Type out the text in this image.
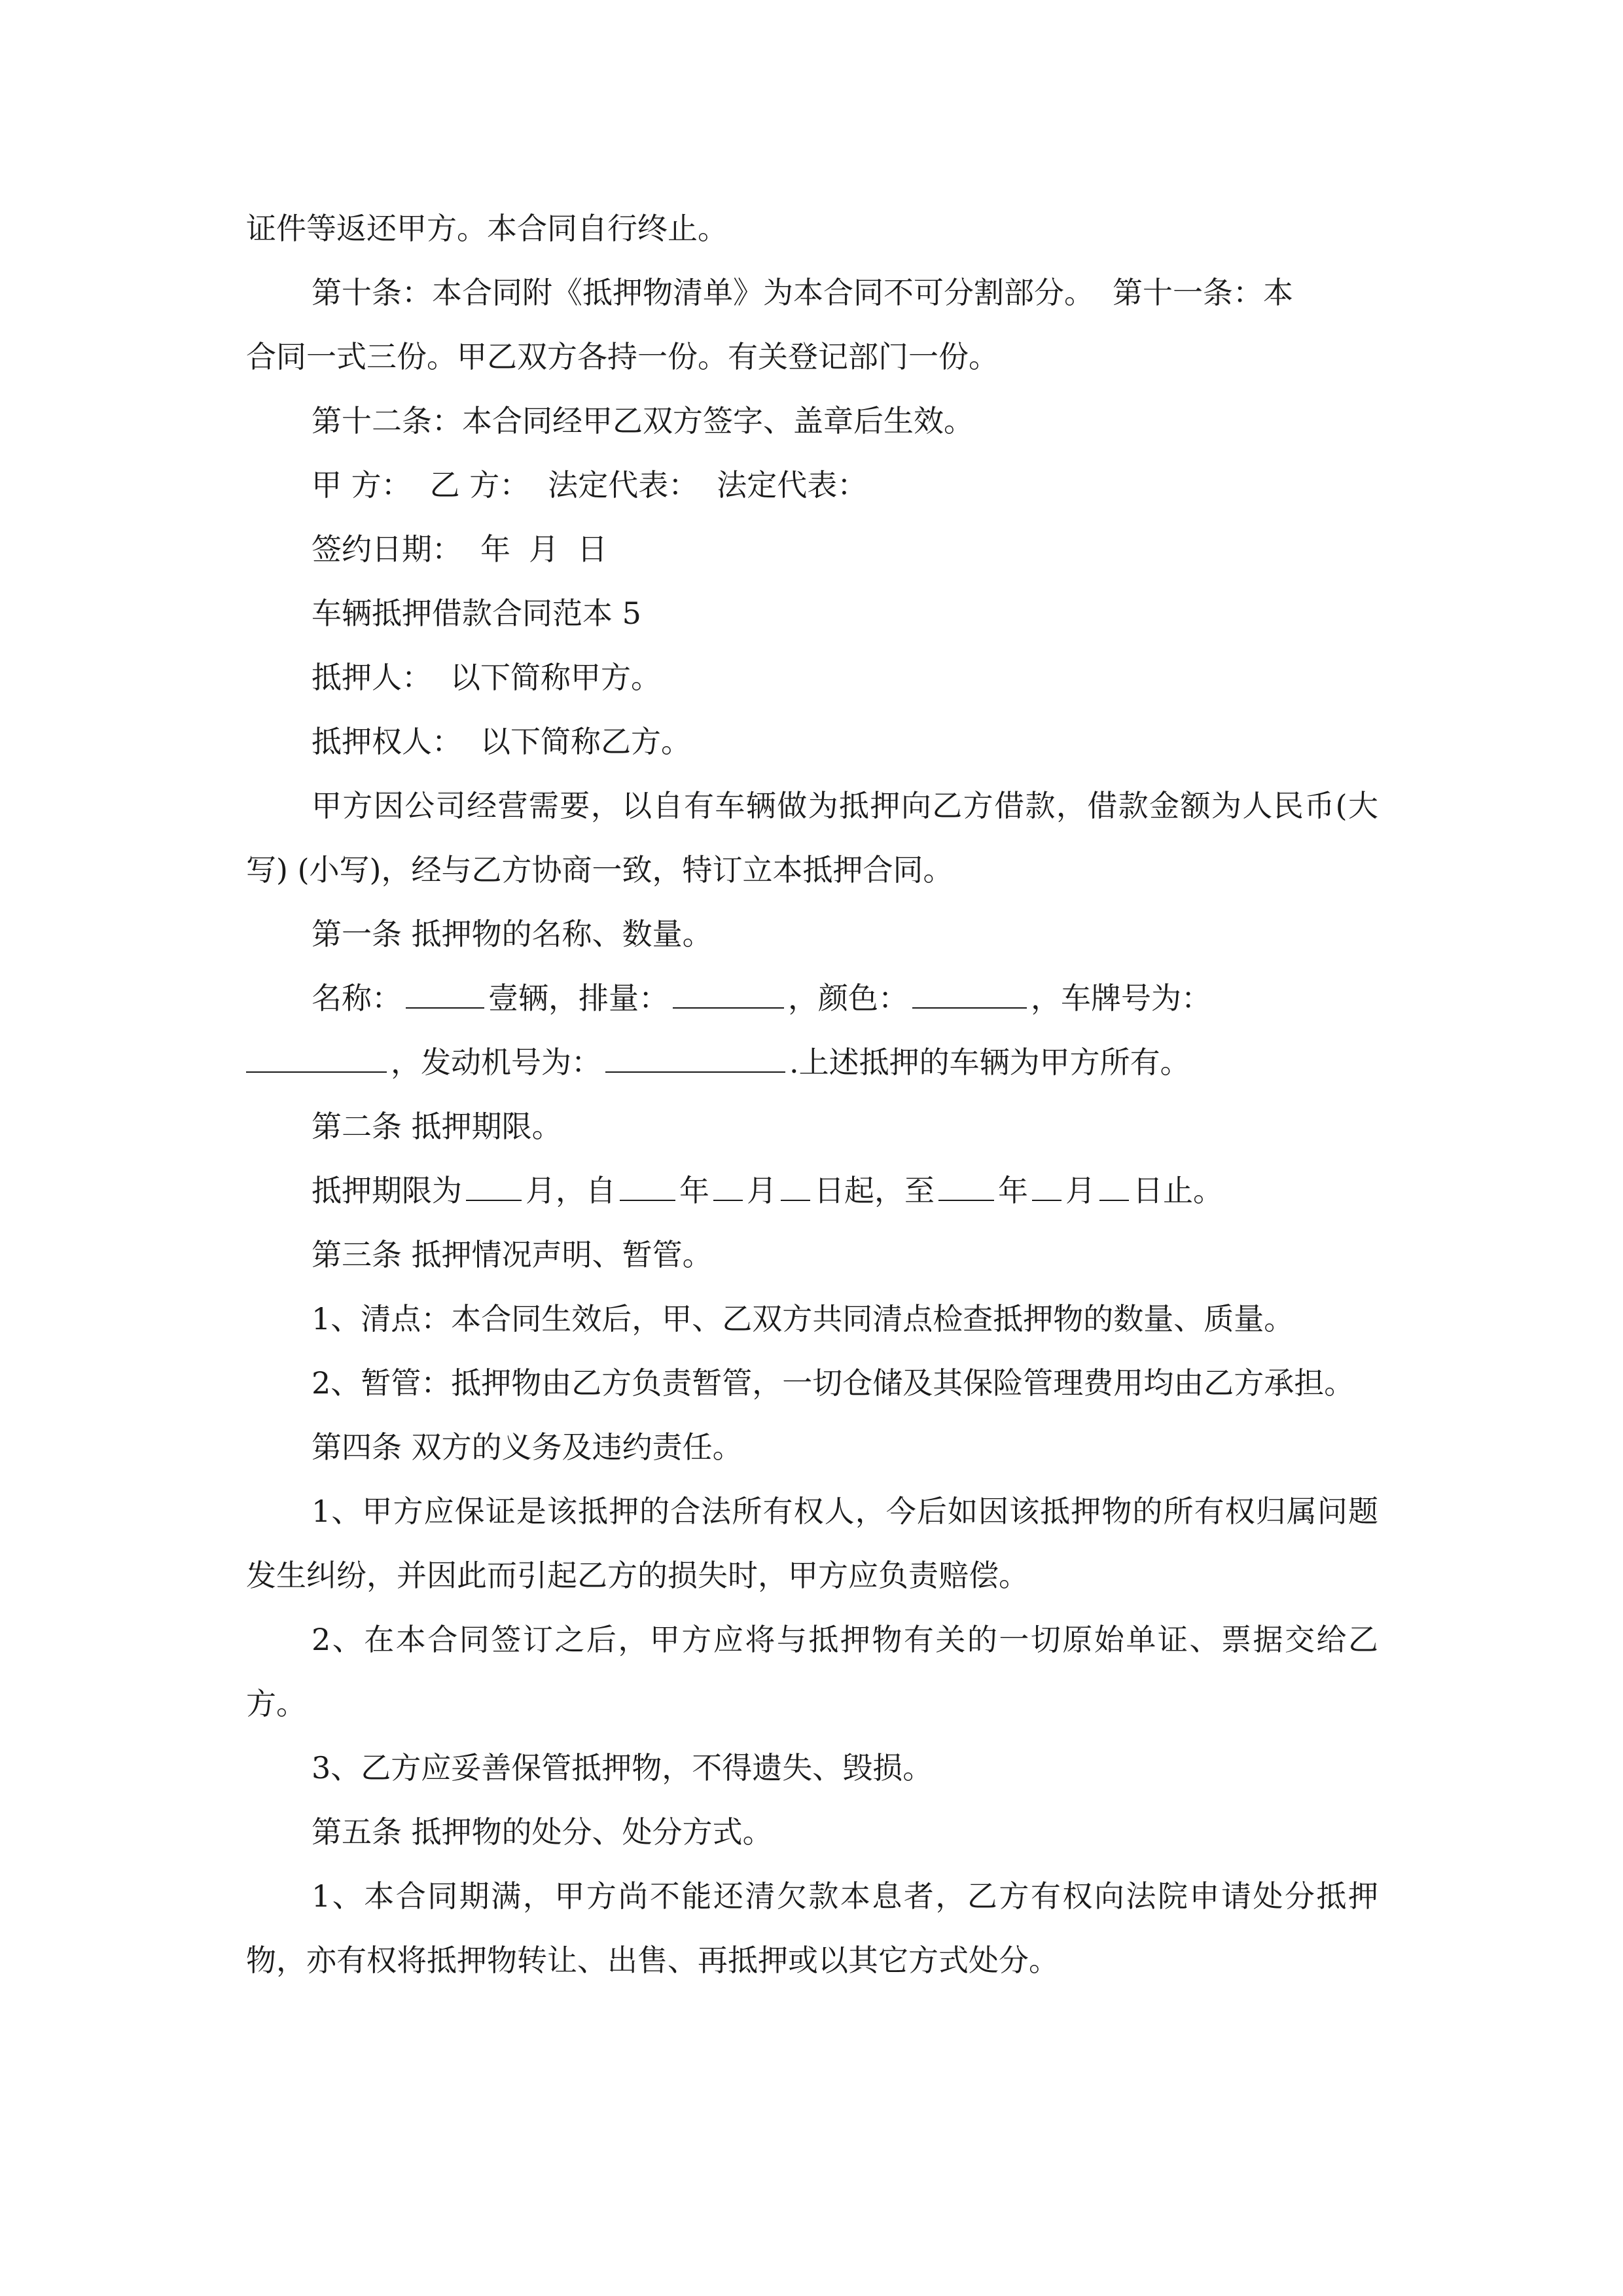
证件等返还甲方。本合同自行终止。

第十条：本合同附《抵押物清单》为本合同不可分割部分。 第十一条：本

合同一式三份。甲乙双方各持一份。有关登记部门一份。

第十二条：本合同经甲乙双方签字、盖章后生效。

甲 方： 乙 方： 法定代表： 法定代表：

签约日期： 年 月 日

车辆抵押借款合同范本 5

抵押人： 以下简称甲方。

抵押权人： 以下简称乙方。

甲方因公司经营需要，以自有车辆做为抵押向乙方借款，借款金额为人民币(大写) (小写)，经与乙方协商一致，特订立本抵押合同。

第一条 抵押物的名称、数量。

名称：	壹辆，排量：	，颜色：	，车牌号为：
，发动机号为：	.上述抵押的车辆为甲方所有。

第二条 抵押期限。

抵押期限为 月，自 年 月 日起，至 年 月 日止。

第三条 抵押情况声明、暂管。

1、清点：本合同生效后，甲、乙双方共同清点检查抵押物的数量、质量。

2、暂管：抵押物由乙方负责暂管，一切仓储及其保险管理费用均由乙方承担。

第四条 双方的义务及违约责任。

1、甲方应保证是该抵押的合法所有权人，今后如因该抵押物的所有权归属问题发生纠纷，并因此而引起乙方的损失时，甲方应负责赔偿。

2、在本合同签订之后，甲方应将与抵押物有关的一切原始单证、票据交给乙方。

3、乙方应妥善保管抵押物，不得遗失、毁损。

第五条 抵押物的处分、处分方式。

1、本合同期满，甲方尚不能还清欠款本息者，乙方有权向法院申请处分抵押物，亦有权将抵押物转让、出售、再抵押或以其它方式处分。
